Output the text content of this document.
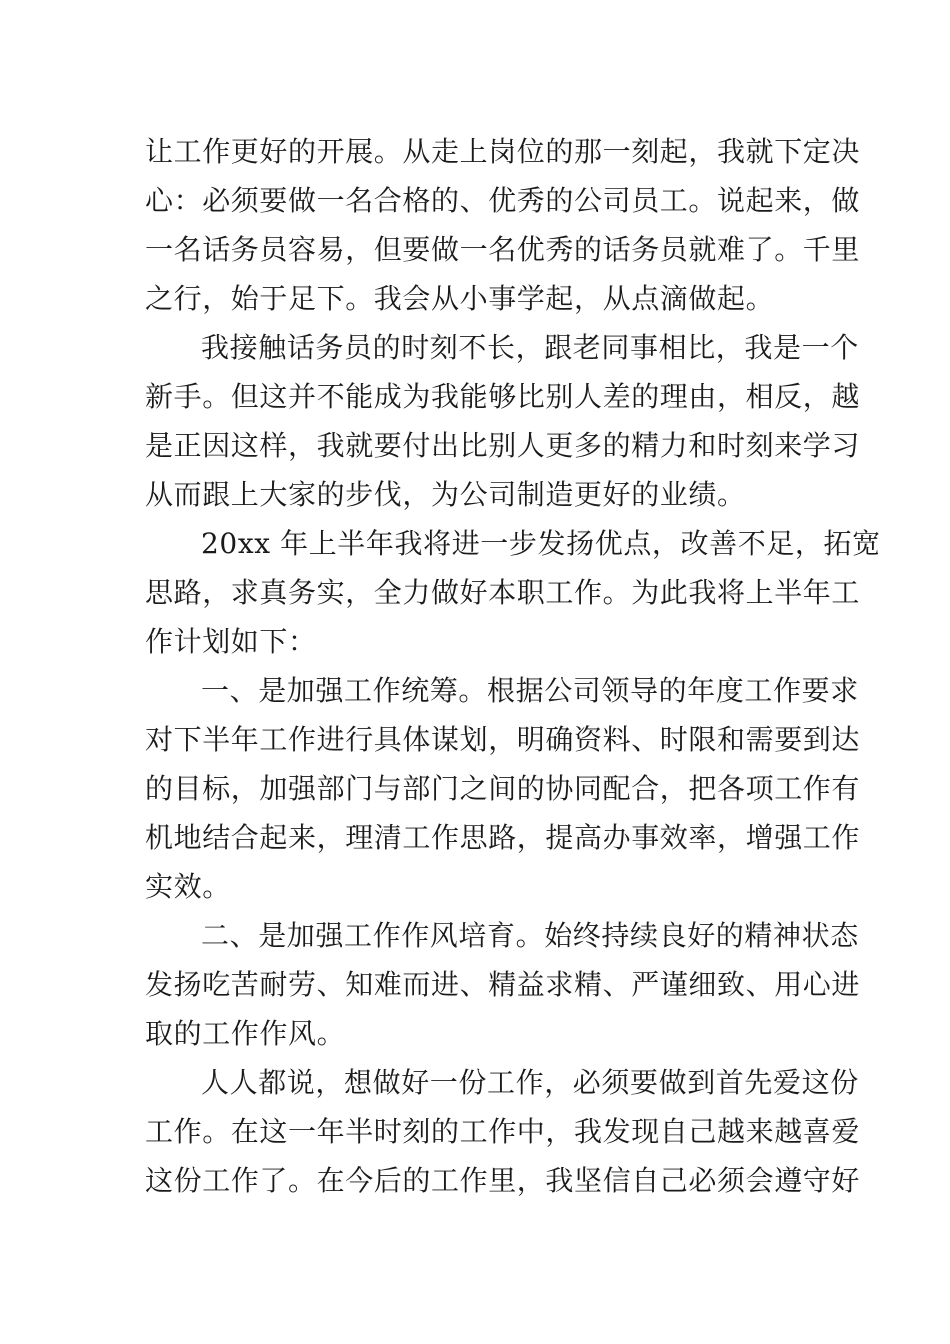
让工作更好的开展。从走上岗位的那一刻起，我就下定决
心：必须要做一名合格的、优秀的公司员工。说起来，做
一名话务员容易，但要做一名优秀的话务员就难了。千里
之行，始于足下。我会从小事学起，从点滴做起。
我接触话务员的时刻不长，跟老同事相比，我是一个
新手。但这并不能成为我能够比别人差的理由，相反，越
是正因这样，我就要付出比别人更多的精力和时刻来学习
从而跟上大家的步伐，为公司制造更好的业绩。
20xx 年上半年我将进一步发扬优点，改善不足，拓宽
思路，求真务实，全力做好本职工作。为此我将上半年工
作计划如下：
一、是加强工作统筹。根据公司领导的年度工作要求
对下半年工作进行具体谋划，明确资料、时限和需要到达
的目标，加强部门与部门之间的协同配合，把各项工作有
机地结合起来，理清工作思路，提高办事效率，增强工作
实效。
二、是加强工作作风培育。始终持续良好的精神状态
发扬吃苦耐劳、知难而进、精益求精、严谨细致、用心进
取的工作作风。
人人都说，想做好一份工作，必须要做到首先爱这份
工作。在这一年半时刻的工作中，我发现自己越来越喜爱
这份工作了。在今后的工作里，我坚信自己必须会遵守好
